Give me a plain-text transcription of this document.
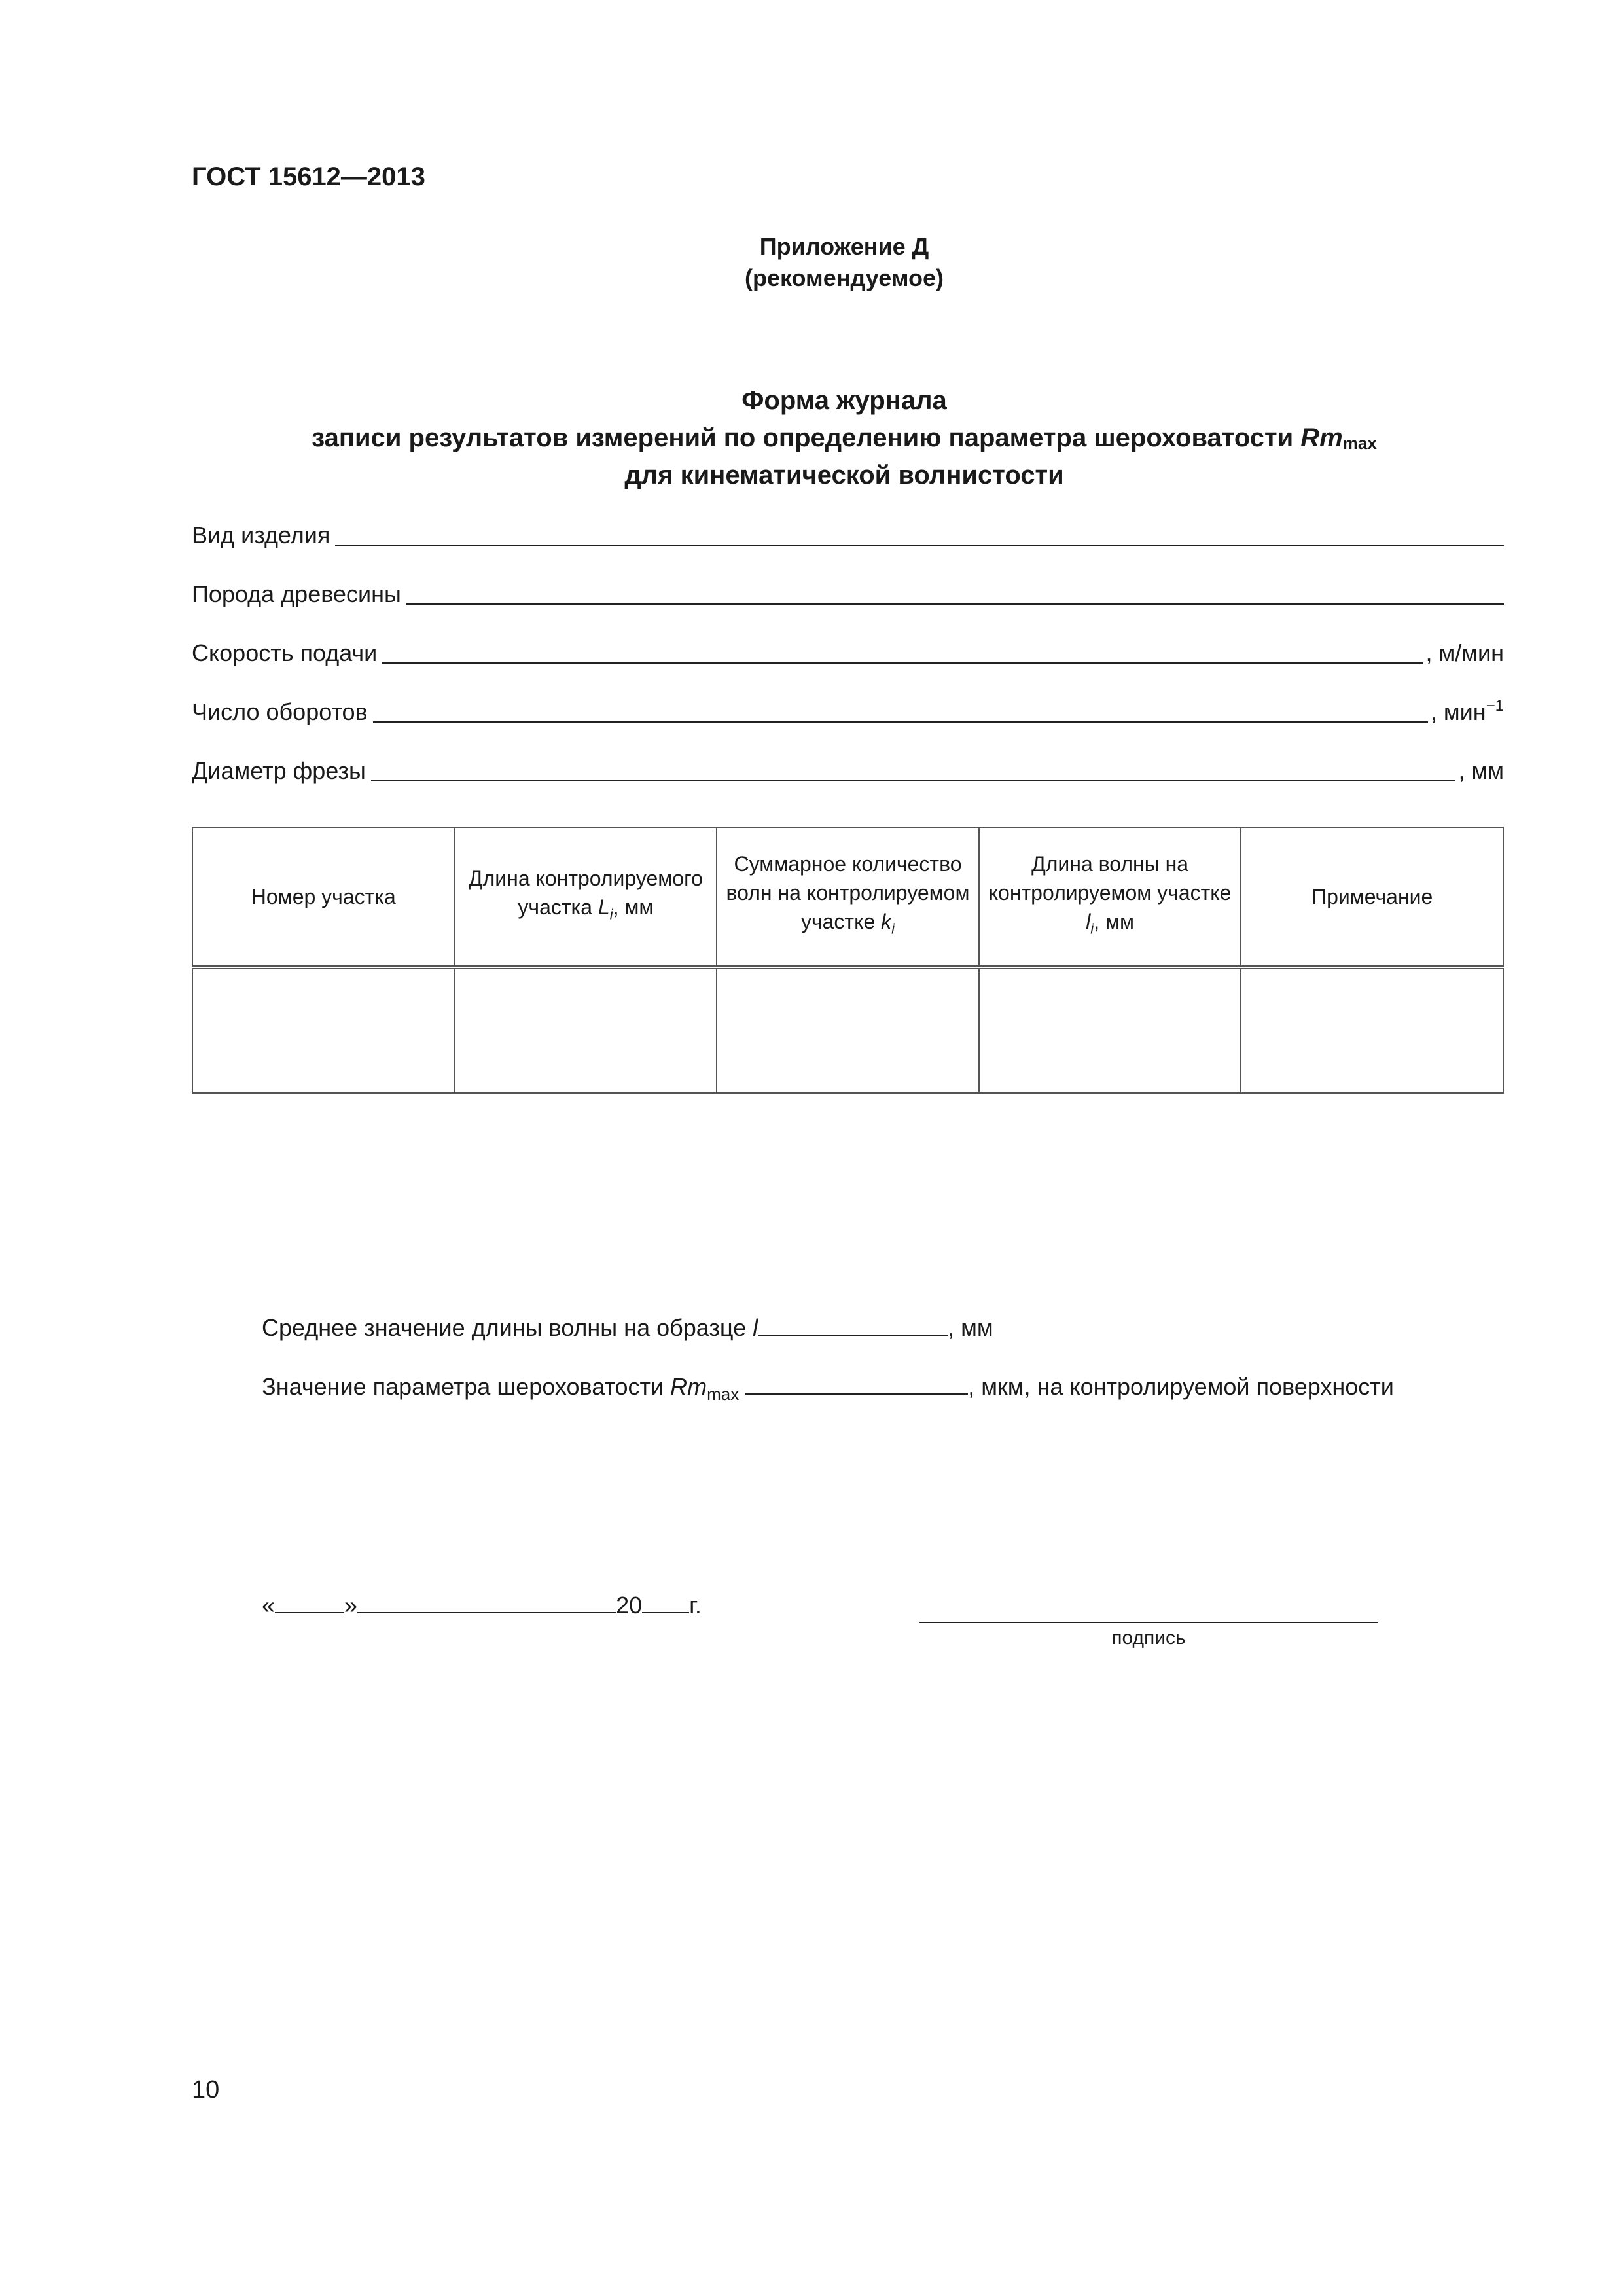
ГОСТ 15612—2013
Приложение Д
(рекомендуемое)
Форма журнала
записи результатов измерений по определению параметра шероховатости Rmmax
для кинематической волнистости
Вид изделия
Порода древесины
Скорость подачи	, м/мин
Число оборотов	, мин$^{-1}$
Диаметр фрезы	, мм
Номер участка	Длина контролируемого участка $L_i$, мм	Суммарное количество волн на контролируемом участке $k_i$	Длина волны на контролируемом участке $l_i$, мм	Примечание

Среднее значение длины волны на образце l	, мм
Значение параметра шероховатости $Rm_{max}$	, мкм, на контролируемой поверхности
«	»	20 г.
подпись
10
